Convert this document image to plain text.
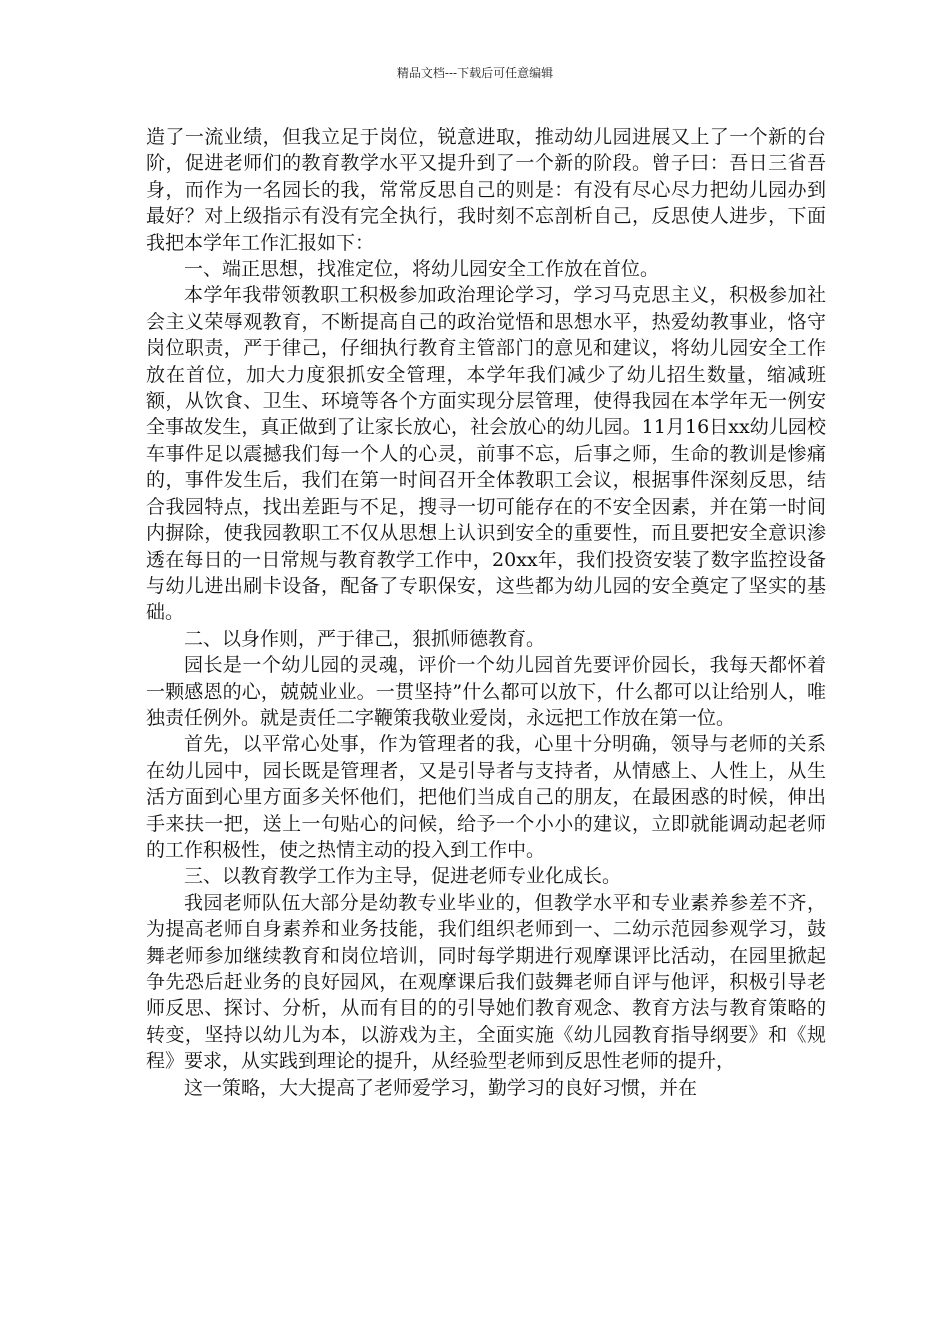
精品文档---下载后可任意编辑

造了一流业绩，但我立足于岗位，锐意进取，推动幼儿园进展又上了一个新的台阶，促进老师们的教育教学水平又提升到了一个新的阶段。曾子曰：吾日三省吾身，而作为一名园长的我，常常反思自己的则是：有没有尽心尽力把幼儿园办到最好？对上级指示有没有完全执行，我时刻不忘剖析自己，反思使人进步，下面我把本学年工作汇报如下：

一、端正思想，找准定位，将幼儿园安全工作放在首位。

本学年我带领教职工积极参加政治理论学习，学习马克思主义，积极参加社会主义荣辱观教育，不断提高自己的政治觉悟和思想水平，热爱幼教事业，恪守岗位职责，严于律己，仔细执行教育主管部门的意见和建议，将幼儿园安全工作放在首位，加大力度狠抓安全管理，本学年我们减少了幼儿招生数量，缩减班额，从饮食、卫生、环境等各个方面实现分层管理，使得我园在本学年无一例安全事故发生，真正做到了让家长放心，社会放心的幼儿园。11月16日xx幼儿园校车事件足以震撼我们每一个人的心灵，前事不忘，后事之师，生命的教训是惨痛的，事件发生后，我们在第一时间召开全体教职工会议，根据事件深刻反思，结合我园特点，找出差距与不足，搜寻一切可能存在的不安全因素，并在第一时间内摒除，使我园教职工不仅从思想上认识到安全的重要性，而且要把安全意识渗透在每日的一日常规与教育教学工作中，20xx年，我们投资安装了数字监控设备与幼儿进出刷卡设备，配备了专职保安，这些都为幼儿园的安全奠定了坚实的基础。

二、以身作则，严于律己，狠抓师德教育。

园长是一个幼儿园的灵魂，评价一个幼儿园首先要评价园长，我每天都怀着一颗感恩的心，兢兢业业。一贯坚持”什么都可以放下，什么都可以让给别人，唯独责任例外。就是责任二字鞭策我敬业爱岗，永远把工作放在第一位。

首先，以平常心处事，作为管理者的我，心里十分明确，领导与老师的关系在幼儿园中，园长既是管理者，又是引导者与支持者，从情感上、人性上，从生活方面到心里方面多关怀他们，把他们当成自己的朋友，在最困惑的时候，伸出手来扶一把，送上一句贴心的问候，给予一个小小的建议，立即就能调动起老师的工作积极性，使之热情主动的投入到工作中。

三、以教育教学工作为主导，促进老师专业化成长。

我园老师队伍大部分是幼教专业毕业的，但教学水平和专业素养参差不齐，为提高老师自身素养和业务技能，我们组织老师到一、二幼示范园参观学习，鼓舞老师参加继续教育和岗位培训，同时每学期进行观摩课评比活动，在园里掀起争先恐后赶业务的良好园风，在观摩课后我们鼓舞老师自评与他评，积极引导老师反思、探讨、分析，从而有目的的引导她们教育观念、教育方法与教育策略的转变，坚持以幼儿为本，以游戏为主，全面实施《幼儿园教育指导纲要》和《规程》要求，从实践到理论的提升，从经验型老师到反思性老师的提升，

这一策略，大大提高了老师爱学习，勤学习的良好习惯，并在
